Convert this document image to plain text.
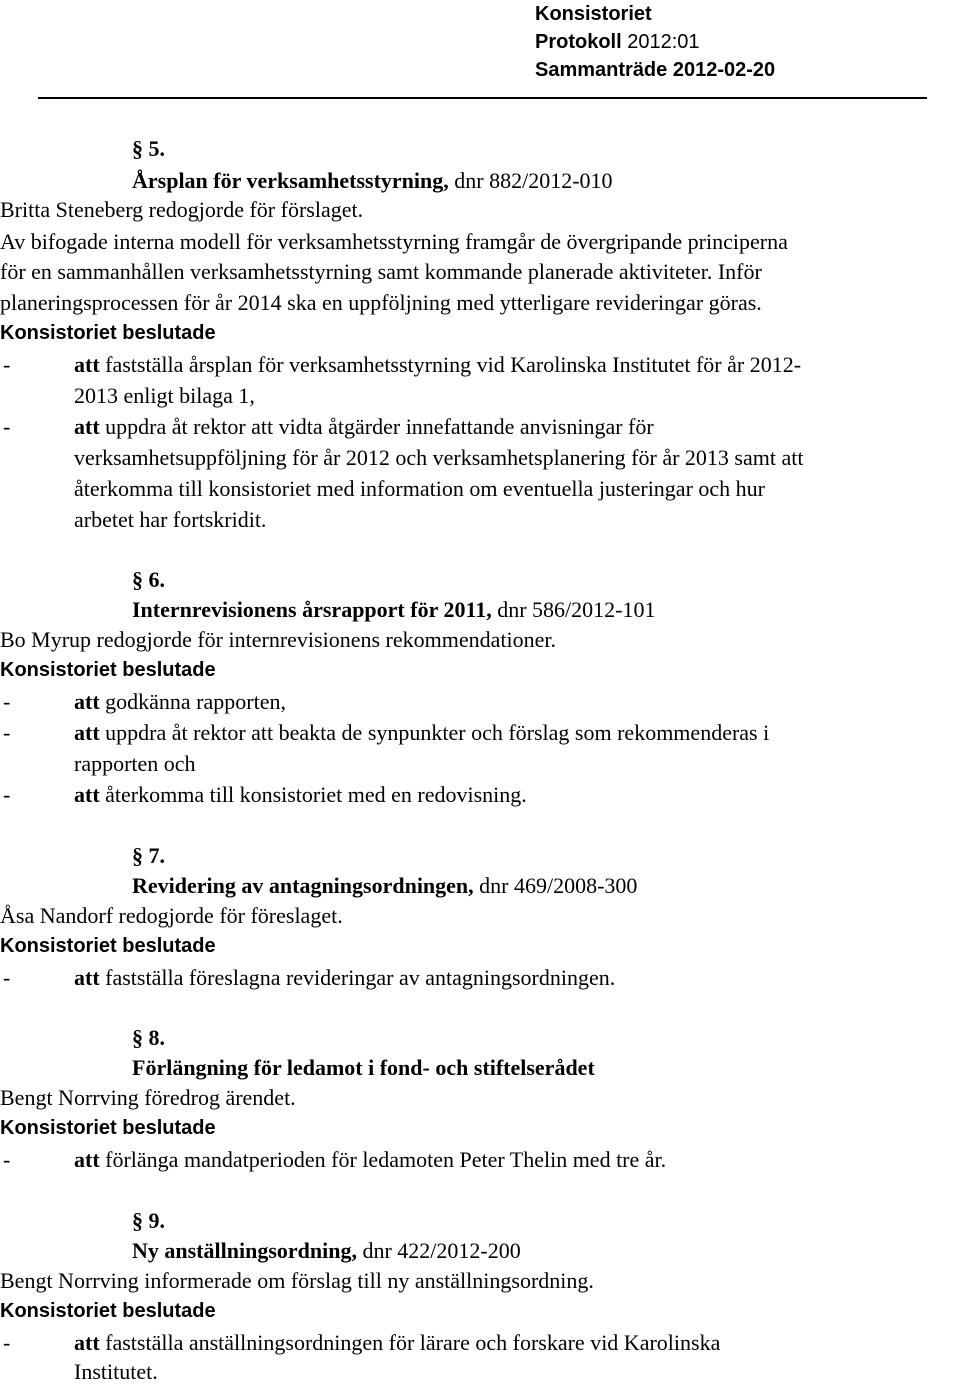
Konsistoriet
Protokoll 2012:01
Sammanträde 2012-02-20
§ 5.
Årsplan för verksamhetsstyrning, dnr 882/2012-010
Britta Steneberg redogjorde för förslaget.
Av bifogade interna modell för verksamhetsstyrning framgår de övergripande principerna
för en sammanhållen verksamhetsstyrning samt kommande planerade aktiviteter. Inför
planeringsprocessen för år 2014 ska en uppföljning med ytterligare revideringar göras.
Konsistoriet beslutade
-	att fastställa årsplan för verksamhetsstyrning vid Karolinska Institutet för år 2012-
2013 enligt bilaga 1,
-	att uppdra åt rektor att vidta åtgärder innefattande anvisningar för
verksamhetsuppföljning för år 2012 och verksamhetsplanering för år 2013 samt att
återkomma till konsistoriet med information om eventuella justeringar och hur
arbetet har fortskridit.
§ 6.
Internrevisionens årsrapport för 2011, dnr 586/2012-101
Bo Myrup redogjorde för internrevisionens rekommendationer.
Konsistoriet beslutade
-	att godkänna rapporten,
-	att uppdra åt rektor att beakta de synpunkter och förslag som rekommenderas i
rapporten och
-	att återkomma till konsistoriet med en redovisning.
§ 7.
Revidering av antagningsordningen, dnr 469/2008-300
Åsa Nandorf redogjorde för föreslaget.
Konsistoriet beslutade
-	att fastställa föreslagna revideringar av antagningsordningen.
§ 8.
Förlängning för ledamot i fond- och stiftelserådet
Bengt Norrving föredrog ärendet.
Konsistoriet beslutade
-	att förlänga mandatperioden för ledamoten Peter Thelin med tre år.
§ 9.
Ny anställningsordning, dnr 422/2012-200
Bengt Norrving informerade om förslag till ny anställningsordning.
Konsistoriet beslutade
-	att fastställa anställningsordningen för lärare och forskare vid Karolinska
Institutet.
